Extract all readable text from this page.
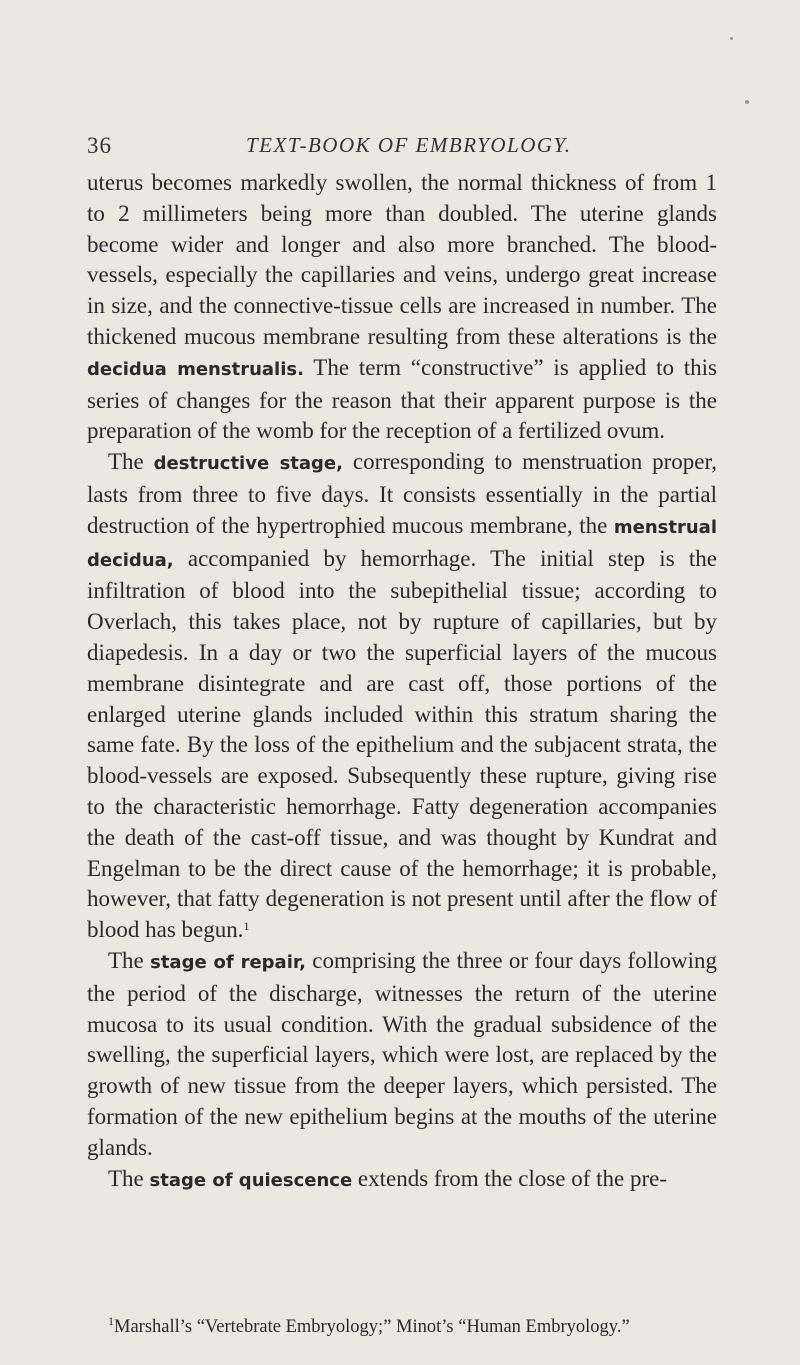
36	TEXT-BOOK OF EMBRYOLOGY.

uterus becomes markedly swollen, the normal thickness of from 1 to 2 millimeters being more than doubled. The uterine glands become wider and longer and also more branched. The blood-vessels, especially the capillaries and veins, undergo great increase in size, and the connective-tissue cells are increased in number. The thickened mucous membrane resulting from these alterations is the decidua menstrualis. The term “constructive” is applied to this series of changes for the reason that their apparent purpose is the preparation of the womb for the reception of a fertilized ovum.

The destructive stage, corresponding to menstruation proper, lasts from three to five days. It consists essentially in the partial destruction of the hypertrophied mucous membrane, the menstrual decidua, accompanied by hemorrhage. The initial step is the infiltration of blood into the subepithelial tissue; according to Overlach, this takes place, not by rupture of capillaries, but by diapedesis. In a day or two the superficial layers of the mucous membrane disintegrate and are cast off, those portions of the enlarged uterine glands included within this stratum sharing the same fate. By the loss of the epithelium and the subjacent strata, the blood-vessels are exposed. Subsequently these rupture, giving rise to the characteristic hemorrhage. Fatty degeneration accompanies the death of the cast-off tissue, and was thought by Kundrat and Engelman to be the direct cause of the hemorrhage; it is probable, however, that fatty degeneration is not present until after the flow of blood has begun.$^1$

The stage of repair, comprising the three or four days following the period of the discharge, witnesses the return of the uterine mucosa to its usual condition. With the gradual subsidence of the swelling, the superficial layers, which were lost, are replaced by the growth of new tissue from the deeper layers, which persisted. The formation of the new epithelium begins at the mouths of the uterine glands.

The stage of quiescence extends from the close of the pre-

$^1$Marshall’s “Vertebrate Embryology;” Minot’s “Human Embryology.”
